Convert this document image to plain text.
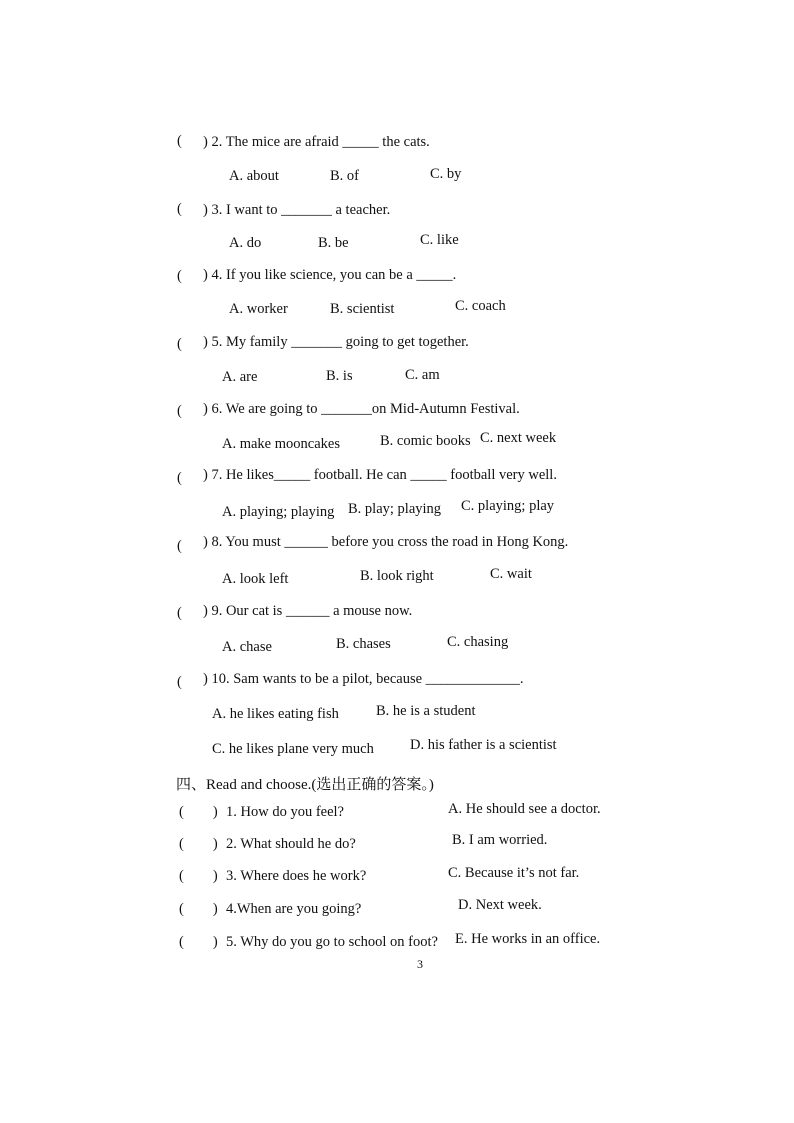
( ) 2. The mice are afraid _____ the cats.
A. about	B. of	C. by
( ) 3. I want to _______ a teacher.
A. do	B. be	C. like
( ) 4. If you like science, you can be a _____.
A. worker	B. scientist	C. coach
( ) 5. My family _______ going to get together.
A. are	B. is	C. am
( ) 6. We are going to _______on Mid-Autumn Festival.
A. make mooncakes	B. comic books C. next week
( ) 7. He likes_____ football. He can _____ football very well.
A. playing; playing B. play; playing C. playing; play
( ) 8. You must ______ before you cross the road in Hong Kong.
A. look left	B. look right	C. wait
( ) 9. Our cat is ______ a mouse now.
A. chase	B. chases	C. chasing
( ) 10. Sam wants to be a pilot, because _____________.
A. he likes eating fish	B. he is a student
C. he likes plane very much D. his father is a scientist
四、Read and choose.(选出正确的答案。)
(　　) 1. How do you feel?	A. He should see a doctor.
(　　) 2. What should he do?	B. I am worried.
(　　) 3. Where does he work?	C. Because it’s not far.
(　　) 4.When are you going?	D. Next week.
(　　) 5. Why do you go to school on foot? E. He works in an office.
3
